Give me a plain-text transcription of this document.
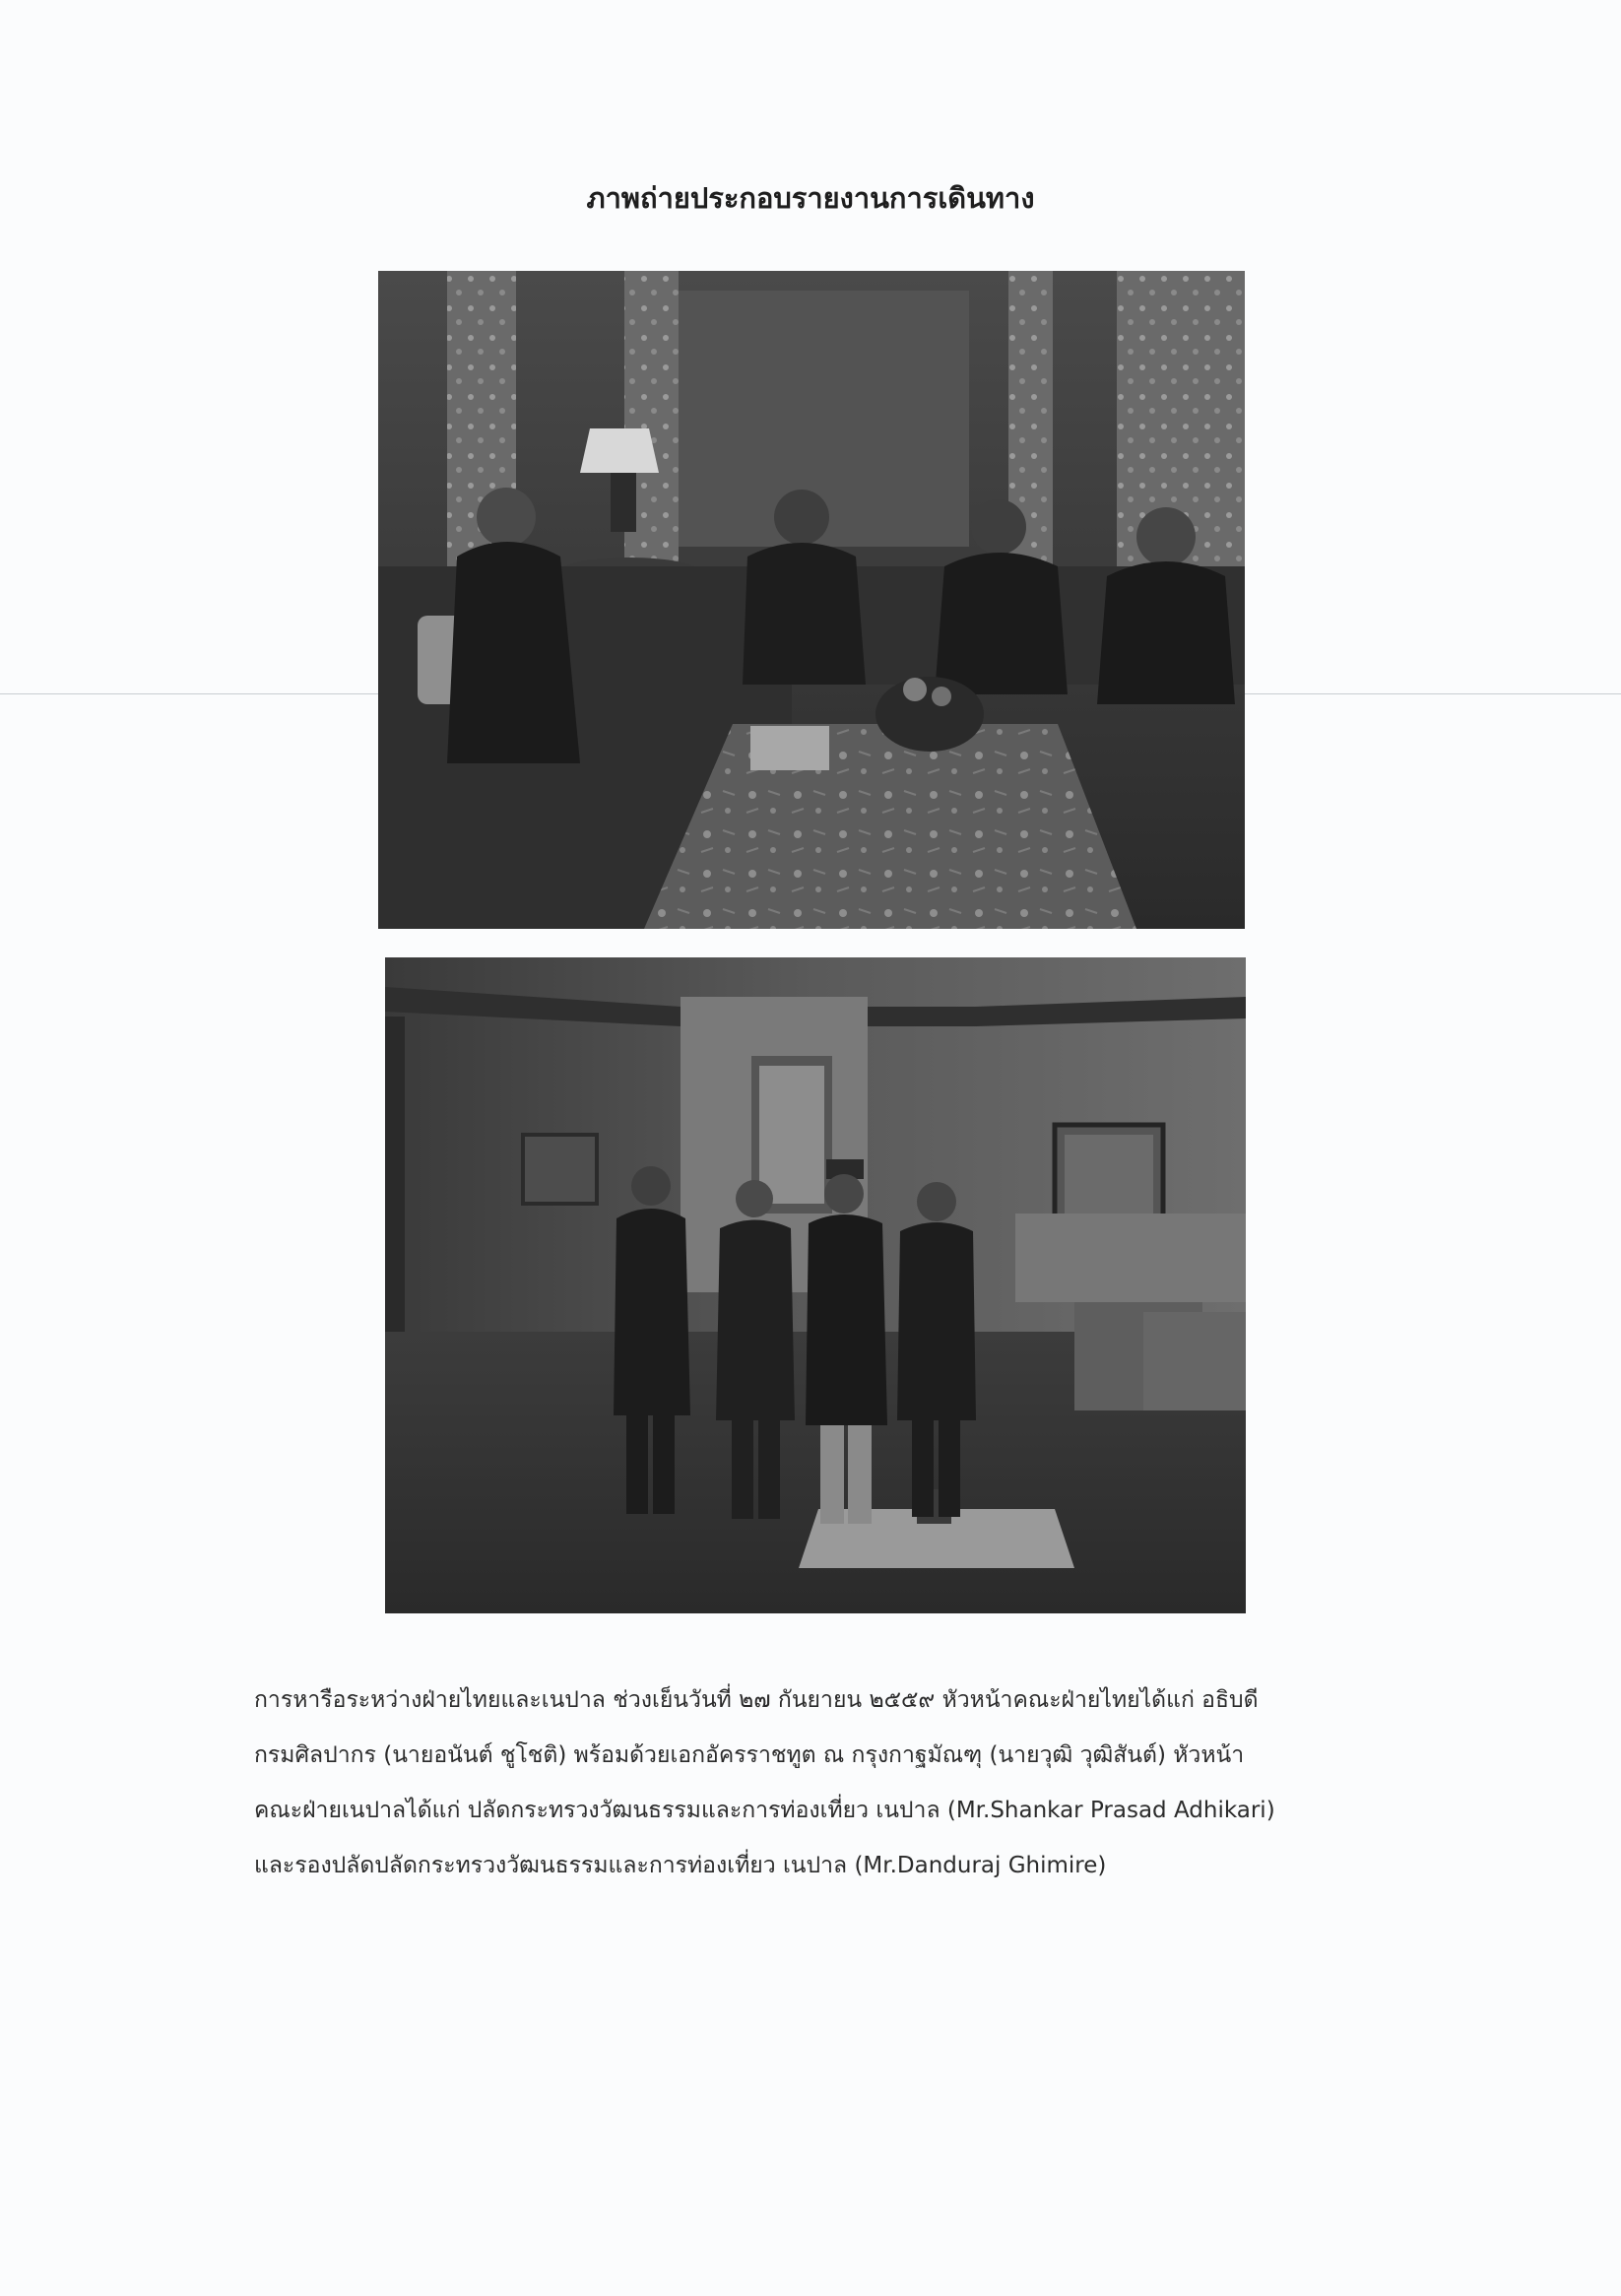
ภาพถ่ายประกอบรายงานการเดินทาง

การหารือระหว่างฝ่ายไทยและเนปาล ช่วงเย็นวันที่ ๒๗ กันยายน ๒๕๕๙ หัวหน้าคณะฝ่ายไทยได้แก่ อธิบดี

กรมศิลปากร (นายอนันต์ ชูโชติ) พร้อมด้วยเอกอัครราชทูต ณ กรุงกาฐมัณฑุ (นายวุฒิ วุฒิสันต์) หัวหน้า

คณะฝ่ายเนปาลได้แก่ ปลัดกระทรวงวัฒนธรรมและการท่องเที่ยว เนปาล (Mr.Shankar Prasad Adhikari)

และรองปลัดปลัดกระทรวงวัฒนธรรมและการท่องเที่ยว เนปาล (Mr.Danduraj Ghimire)
